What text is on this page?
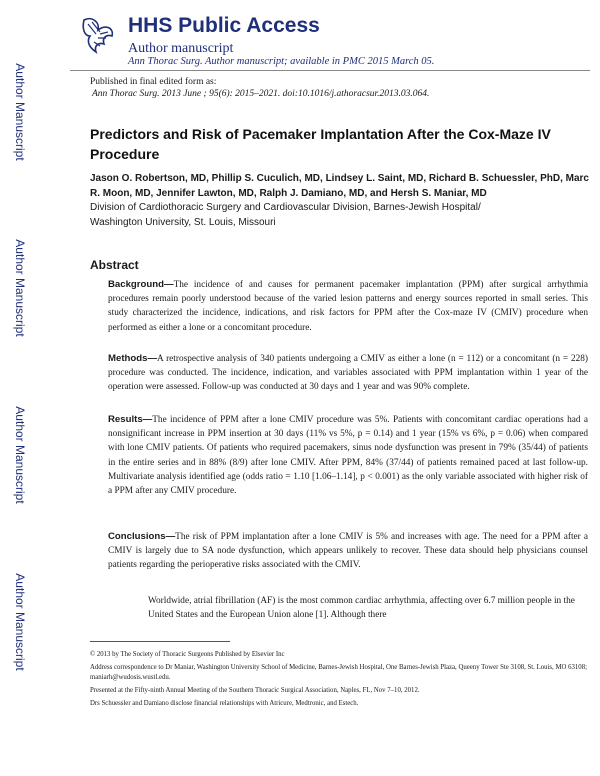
Author Manuscript
Author Manuscript
Author Manuscript
Author Manuscript
HHS Public Access
Author manuscript
Ann Thorac Surg. Author manuscript; available in PMC 2015 March 05.
Published in final edited form as:
Ann Thorac Surg. 2013 June ; 95(6): 2015–2021. doi:10.1016/j.athoracsur.2013.03.064.
Predictors and Risk of Pacemaker Implantation After the Cox-Maze IV Procedure
Jason O. Robertson, MD, Phillip S. Cuculich, MD, Lindsey L. Saint, MD, Richard B. Schuessler, PhD, Marc R. Moon, MD, Jennifer Lawton, MD, Ralph J. Damiano, MD, and Hersh S. Maniar, MD
Division of Cardiothoracic Surgery and Cardiovascular Division, Barnes-Jewish Hospital/
Washington University, St. Louis, Missouri
Abstract
Background—The incidence of and causes for permanent pacemaker implantation (PPM) after surgical arrhythmia procedures remain poorly understood because of the varied lesion patterns and energy sources reported in small series. This study characterized the incidence, indications, and risk factors for PPM after the Cox-maze IV (CMIV) procedure when performed as either a lone or a concomitant procedure.
Methods—A retrospective analysis of 340 patients undergoing a CMIV as either a lone (n = 112) or a concomitant (n = 228) procedure was conducted. The incidence, indication, and variables associated with PPM implantation within 1 year of the operation were assessed. Follow-up was conducted at 30 days and 1 year and was 90% complete.
Results—The incidence of PPM after a lone CMIV procedure was 5%. Patients with concomitant cardiac operations had a nonsignificant increase in PPM insertion at 30 days (11% vs 5%, p = 0.14) and 1 year (15% vs 6%, p = 0.06) when compared with lone CMIV patients. Of patients who required pacemakers, sinus node dysfunction was present in 79% (35/44) of patients in the entire series and in 88% (8/9) after lone CMIV. After PPM, 84% (37/44) of patients remained paced at last follow-up. Multivariate analysis identified age (odds ratio = 1.10 [1.06–1.14], p < 0.001) as the only variable associated with higher risk of a PPM after any CMIV procedure.
Conclusions—The risk of PPM implantation after a lone CMIV is 5% and increases with age. The need for a PPM after a CMIV is largely due to SA node dysfunction, which appears unlikely to recover. These data should help physicians counsel patients regarding the perioperative risks associated with the CMIV.
Worldwide, atrial fibrillation (AF) is the most common cardiac arrhythmia, affecting over 6.7 million people in the United States and the European Union alone [1]. Although there
© 2013 by The Society of Thoracic Surgeons Published by Elsevier Inc
Address correspondence to Dr Maniar, Washington University School of Medicine, Barnes-Jewish Hospital, One Barnes-Jewish Plaza, Queeny Tower Ste 3108, St. Louis, MO 63108; maniarh@wudosis.wustl.edu.
Presented at the Fifty-ninth Annual Meeting of the Southern Thoracic Surgical Association, Naples, FL, Nov 7–10, 2012.
Drs Schuessler and Damiano disclose financial relationships with Atricure, Medtronic, and Estech.
